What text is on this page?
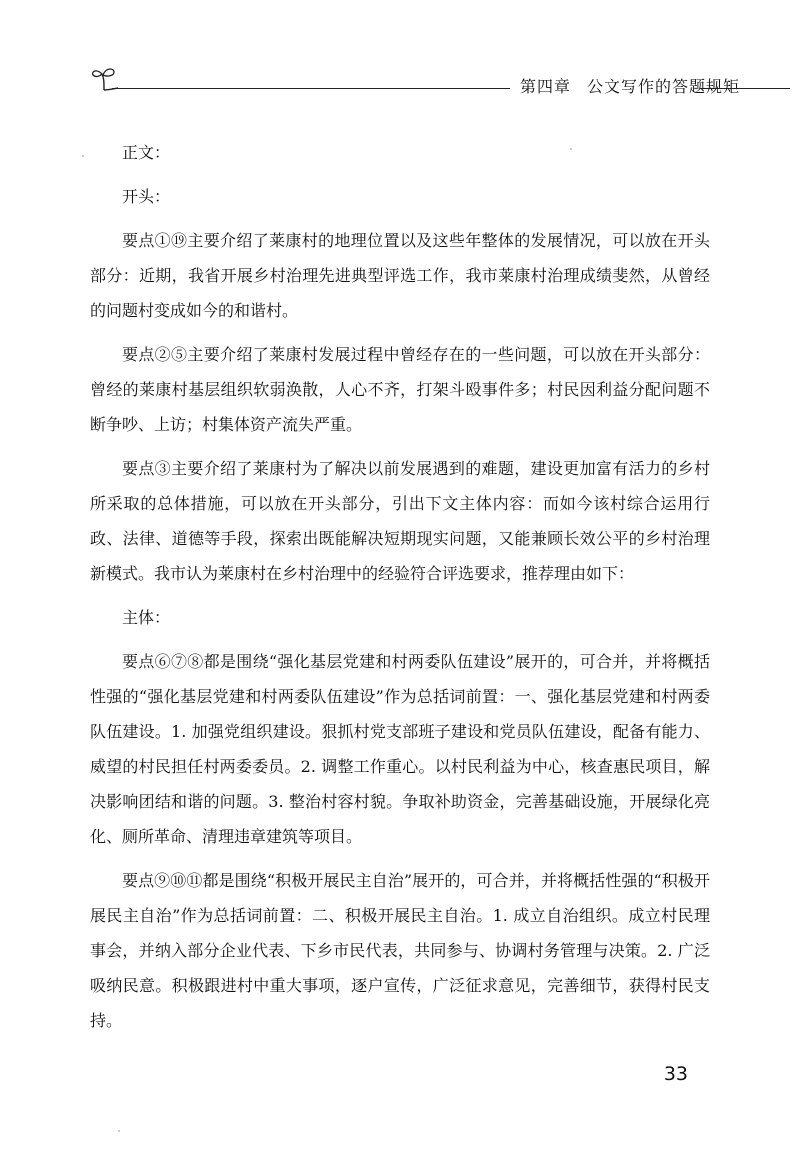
第四章 公文写作的答题规矩

正文：

开头：

要点①⑲主要介绍了莱康村的地理位置以及这些年整体的发展情况，可以放在开头部分：近期，我省开展乡村治理先进典型评选工作，我市莱康村治理成绩斐然，从曾经的问题村变成如今的和谐村。

要点②⑤主要介绍了莱康村发展过程中曾经存在的一些问题，可以放在开头部分：曾经的莱康村基层组织软弱涣散，人心不齐，打架斗殴事件多；村民因利益分配问题不断争吵、上访；村集体资产流失严重。

要点③主要介绍了莱康村为了解决以前发展遇到的难题，建设更加富有活力的乡村所采取的总体措施，可以放在开头部分，引出下文主体内容：而如今该村综合运用行政、法律、道德等手段，探索出既能解决短期现实问题，又能兼顾长效公平的乡村治理新模式。我市认为莱康村在乡村治理中的经验符合评选要求，推荐理由如下：

主体：

要点⑥⑦⑧都是围绕“强化基层党建和村两委队伍建设”展开的，可合并，并将概括性强的“强化基层党建和村两委队伍建设”作为总括词前置：一、强化基层党建和村两委队伍建设。1. 加强党组织建设。狠抓村党支部班子建设和党员队伍建设，配备有能力、威望的村民担任村两委委员。2. 调整工作重心。以村民利益为中心，核查惠民项目，解决影响团结和谐的问题。3. 整治村容村貌。争取补助资金，完善基础设施，开展绿化亮化、厕所革命、清理违章建筑等项目。

要点⑨⑩⑪都是围绕“积极开展民主自治”展开的，可合并，并将概括性强的“积极开展民主自治”作为总括词前置：二、积极开展民主自治。1. 成立自治组织。成立村民理事会，并纳入部分企业代表、下乡市民代表，共同参与、协调村务管理与决策。2. 广泛吸纳民意。积极跟进村中重大事项，逐户宣传，广泛征求意见，完善细节，获得村民支持。

33
